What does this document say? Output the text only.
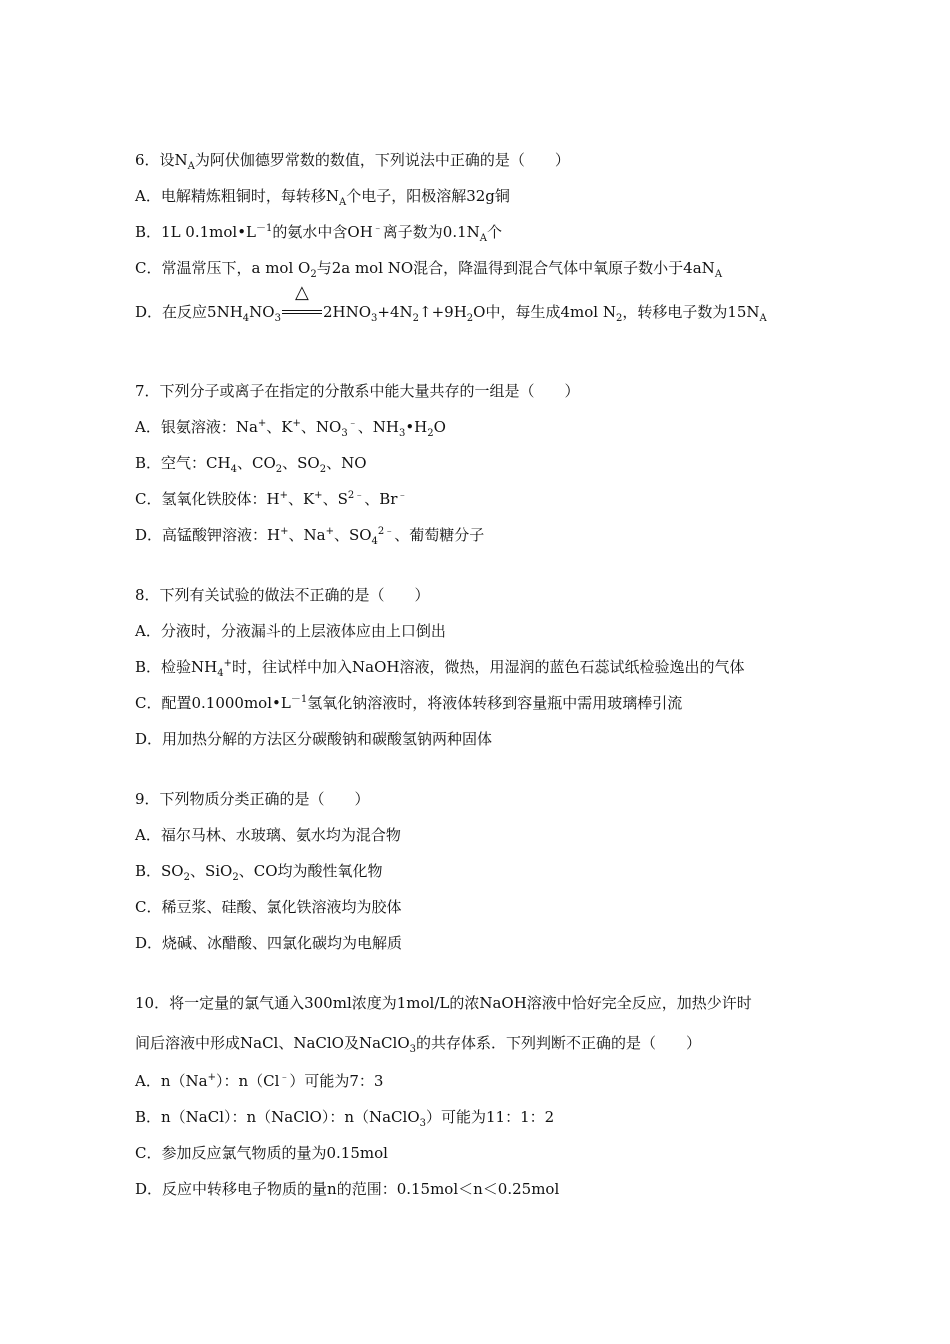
6．设$N_A$为阿伏伽德罗常数的数值，下列说法中正确的是（　　）
A．电解精炼粗铜时，每转移$N_A$个电子，阳极溶解32g铜
B．1L $0.1mol•L^{-1}$的氨水中含OH﹣离子数为$0.1N_A$个
C．常温常压下，a mol $O_2$与2a mol NO混合，降温得到混合气体中氧原子数小于$4aN_A$
D．在反应$5NH_4NO_3$
△
$2HNO_3+4N_2↑+9H_2O$中，每生成4mol $N_2$，转移电子数为$15N_A$
7．下列分子或离子在指定的分散系中能大量共存的一组是（　　）
A．银氨溶液：Na+、K+、$NO_3^﹣$、$NH_3•H_2O$
B．空气：$CH_4$、$CO_2$、$SO_2$、NO
C．氢氧化铁胶体：H+、K+、$S^{2﹣}$、Br﹣
D．高锰酸钾溶液：H+、Na+、$SO_4^{2﹣}$、葡萄糖分子
8．下列有关试验的做法不正确的是（　　）
A．分液时，分液漏斗的上层液体应由上口倒出
B．检验$NH_4^+$时，往试样中加入NaOH溶液，微热，用湿润的蓝色石蕊试纸检验逸出的气体
C．配置$0.1000mol•L^{-1}$氢氧化钠溶液时，将液体转移到容量瓶中需用玻璃棒引流
D．用加热分解的方法区分碳酸钠和碳酸氢钠两种固体
9．下列物质分类正确的是（　　）
A．福尔马林、水玻璃、氨水均为混合物
B．$SO_2$、SiO$_2$、CO均为酸性氧化物
C．稀豆浆、硅酸、氯化铁溶液均为胶体
D．烧碱、冰醋酸、四氯化碳均为电解质
10．将一定量的氯气通入300ml浓度为1mol/L的浓NaOH溶液中恰好完全反应，加热少许时
间后溶液中形成NaCl、NaClO及NaClO$_3$的共存体系．下列判断不正确的是（　　）
A．n（Na+）：n（Cl﹣）可能为7：3
B．n（NaCl）：n（NaClO）：n（NaClO$_3$）可能为11：1：2
C．参加反应氯气物质的量为0.15mol
D．反应中转移电子物质的量n的范围：0.15mol＜n＜0.25mol
